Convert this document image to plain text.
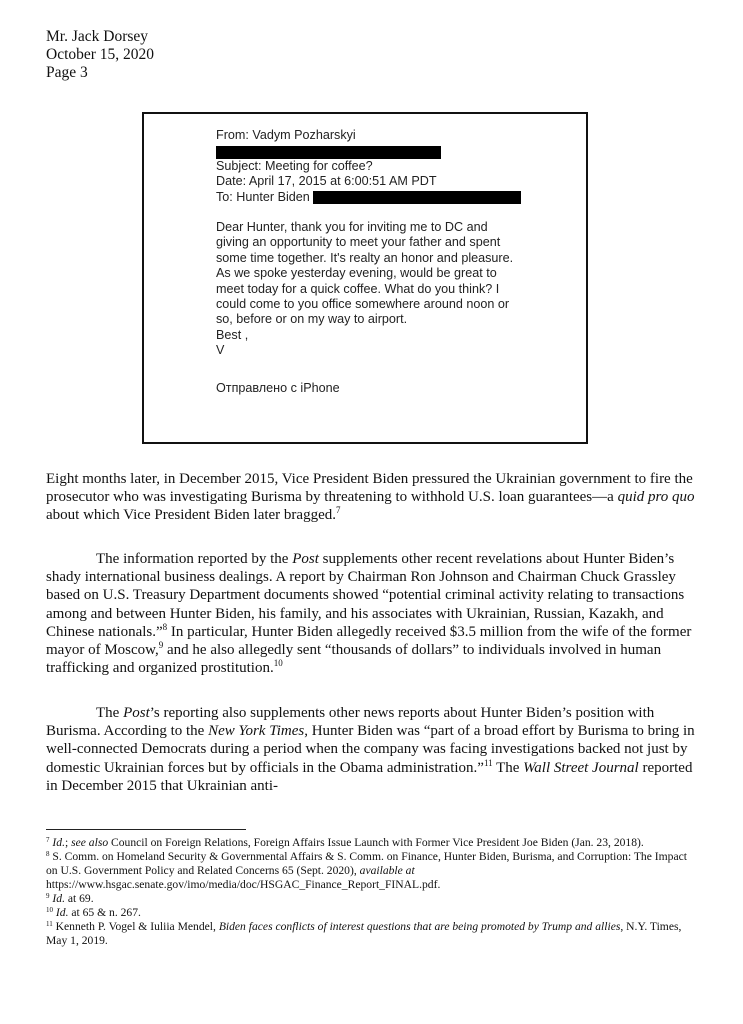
Mr. Jack Dorsey
October 15, 2020
Page 3
From: Vadym Pozharskyi
Subject: Meeting for coffee?
Date: April 17, 2015 at 6:00:51 AM PDT
To: Hunter Biden
Dear Hunter, thank you for inviting me to DC and
giving an opportunity to meet your father and spent
some time together. It's realty an honor and pleasure.
As we spoke yesterday evening, would be great to
meet today for a quick coffee. What do you think? I
could come to you office somewhere around noon or
so, before or on my way to airport.
Best ,
V
Отправлено с iPhone

Eight months later, in December 2015, Vice President Biden pressured the Ukrainian government to fire the prosecutor who was investigating Burisma by threatening to withhold U.S. loan guarantees—a quid pro quo about which Vice President Biden later bragged.$^7$

The information reported by the Post supplements other recent revelations about Hunter Biden’s shady international business dealings. A report by Chairman Ron Johnson and Chairman Chuck Grassley based on U.S. Treasury Department documents showed “potential criminal activity relating to transactions among and between Hunter Biden, his family, and his associates with Ukrainian, Russian, Kazakh, and Chinese nationals.”$^8$ In particular, Hunter Biden allegedly received $3.5 million from the wife of the former mayor of Moscow,$^9$ and he also allegedly sent “thousands of dollars” to individuals involved in human trafficking and organized prostitution.$^{10}$

The Post’s reporting also supplements other news reports about Hunter Biden’s position with Burisma. According to the New York Times, Hunter Biden was “part of a broad effort by Burisma to bring in well-connected Democrats during a period when the company was facing investigations backed not just by domestic Ukrainian forces but by officials in the Obama administration.”$^{11}$ The Wall Street Journal reported in December 2015 that Ukrainian anti-

$^7$ Id.; see also Council on Foreign Relations, Foreign Affairs Issue Launch with Former Vice President Joe Biden (Jan. 23, 2018).

$^8$ S. Comm. on Homeland Security & Governmental Affairs & S. Comm. on Finance, Hunter Biden, Burisma, and Corruption: The Impact on U.S. Government Policy and Related Concerns 65 (Sept. 2020), available at https://www.hsgac.senate.gov/imo/media/doc/HSGAC_Finance_Report_FINAL.pdf.

$^9$ Id. at 69.

$^{10}$ Id. at 65 & n. 267.

$^{11}$ Kenneth P. Vogel & Iuliia Mendel, Biden faces conflicts of interest questions that are being promoted by Trump and allies, N.Y. Times, May 1, 2019.
